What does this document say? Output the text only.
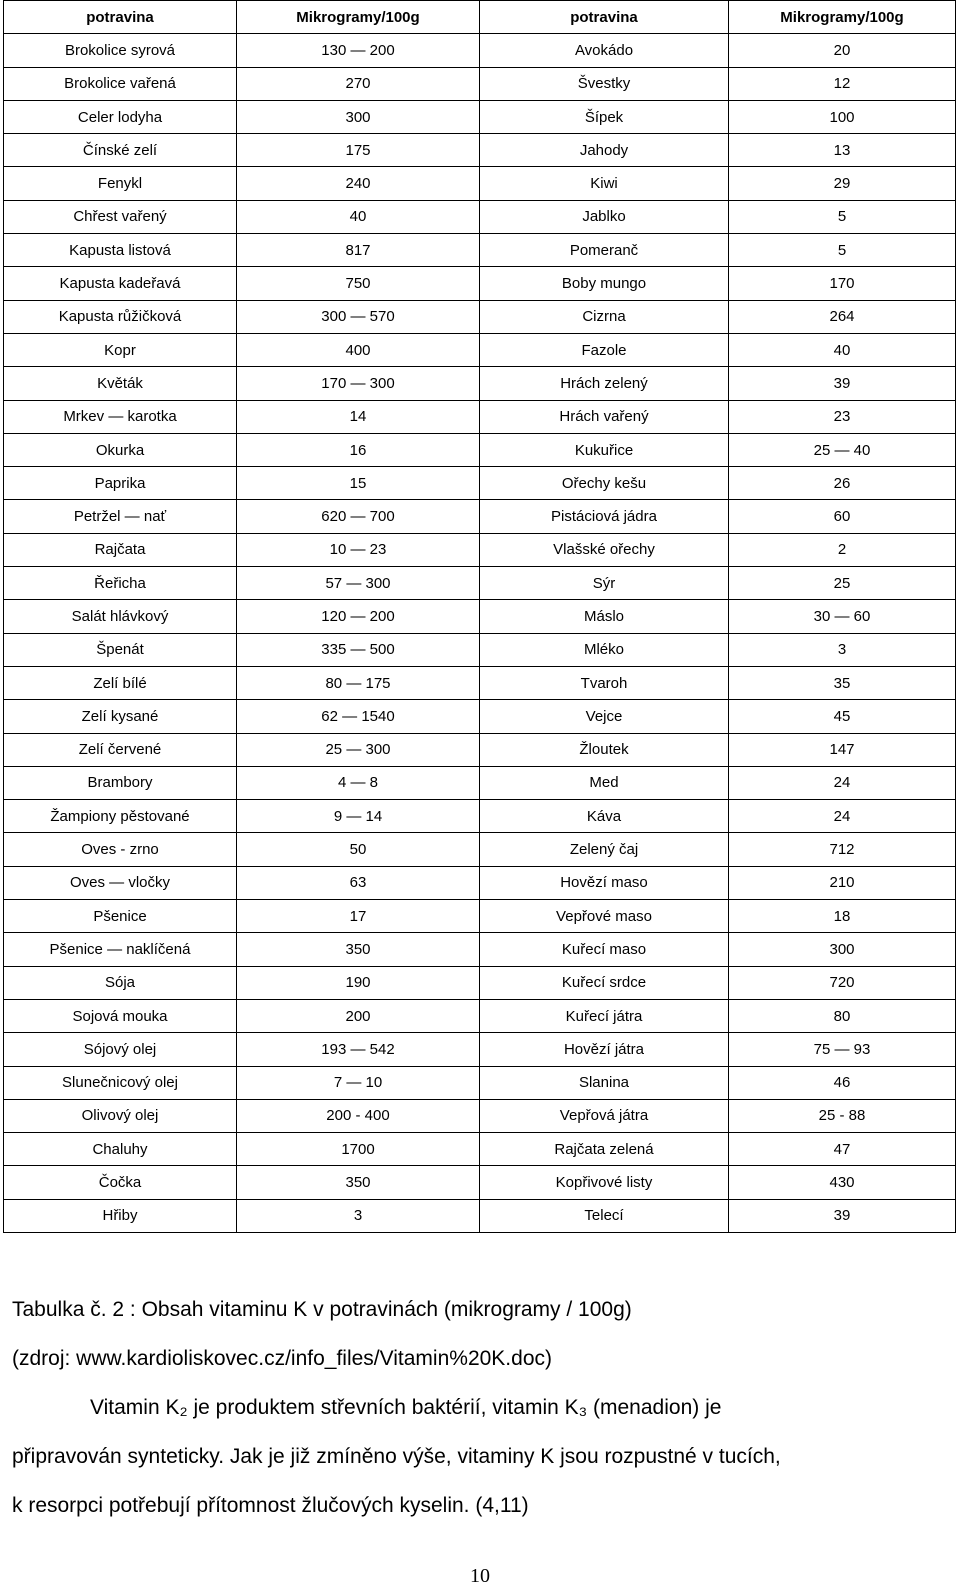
potravina	Mikrogramy/100g	potravina	Mikrogramy/100g
Brokolice syrová	130 — 200	Avokádo	20
Brokolice vařená	270	Švestky	12
Celer lodyha	300	Šípek	100
Čínské zelí	175	Jahody	13
Fenykl	240	Kiwi	29
Chřest vařený	40	Jablko	5
Kapusta listová	817	Pomeranč	5
Kapusta kadeřavá	750	Boby mungo	170
Kapusta růžičková	300 — 570	Cizrna	264
Kopr	400	Fazole	40
Květák	170 — 300	Hrách zelený	39
Mrkev — karotka	14	Hrách vařený	23
Okurka	16	Kukuřice	25 — 40
Paprika	15	Ořechy kešu	26
Petržel — nať	620 — 700	Pistáciová jádra	60
Rajčata	10 — 23	Vlašské ořechy	2
Řeřicha	57 — 300	Sýr	25
Salát hlávkový	120 — 200	Máslo	30 — 60
Špenát	335 — 500	Mléko	3
Zelí bílé	80 — 175	Tvaroh	35
Zelí kysané	62 — 1540	Vejce	45
Zelí červené	25 — 300	Žloutek	147
Brambory	4 — 8	Med	24
Žampiony pěstované	9 — 14	Káva	24
Oves - zrno	50	Zelený čaj	712
Oves — vločky	63	Hovězí maso	210
Pšenice	17	Vepřové maso	18
Pšenice — naklíčená	350	Kuřecí maso	300
Sója	190	Kuřecí srdce	720
Sojová mouka	200	Kuřecí játra	80
Sójový olej	193 — 542	Hovězí játra	75 — 93
Slunečnicový olej	7 — 10	Slanina	46
Olivový olej	200 - 400	Vepřová játra	25 - 88
Chaluhy	1700	Rajčata zelená	47
Čočka	350	Kopřivové listy	430
Hřiby	3	Telecí	39
Tabulka č. 2 : Obsah vitaminu K v potravinách (mikrogramy / 100g)
(zdroj: www.kardioliskovec.cz/info_files/Vitamin%20K.doc)
Vitamin K₂ je produktem střevních baktérií, vitamin K₃ (menadion) je
připravován synteticky. Jak je již zmíněno výše, vitaminy K jsou rozpustné v tucích,
k resorpci potřebují přítomnost žlučových kyselin. (4,11)
10
